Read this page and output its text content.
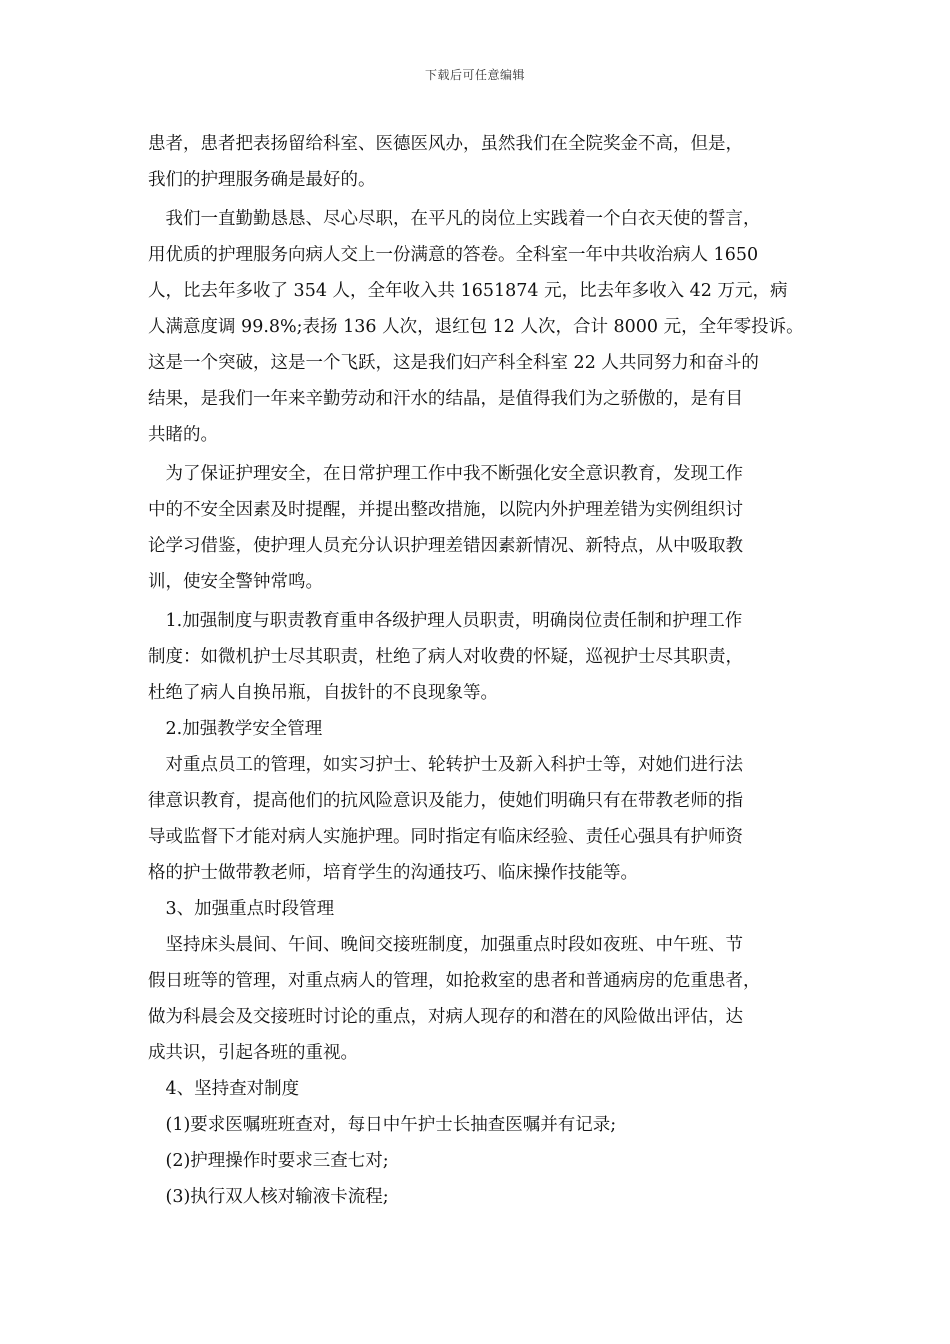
下载后可任意编辑
患者，患者把表扬留给科室、医德医风办，虽然我们在全院奖金不高，但是，
我们的护理服务确是最好的。
　我们一直勤勤恳恳、尽心尽职，在平凡的岗位上实践着一个白衣天使的誓言，
用优质的护理服务向病人交上一份满意的答卷。全科室一年中共收治病人 1650
人，比去年多收了 354 人，全年收入共 1651874 元，比去年多收入 42 万元，病
人满意度调 99.8%;表扬 136 人次，退红包 12 人次，合计 8000 元，全年零投诉。
这是一个突破，这是一个飞跃，这是我们妇产科全科室 22 人共同努力和奋斗的
结果，是我们一年来辛勤劳动和汗水的结晶，是值得我们为之骄傲的，是有目
共睹的。
　为了保证护理安全，在日常护理工作中我不断强化安全意识教育，发现工作
中的不安全因素及时提醒，并提出整改措施，以院内外护理差错为实例组织讨
论学习借鉴，使护理人员充分认识护理差错因素新情况、新特点，从中吸取教
训，使安全警钟常鸣。
　1.加强制度与职责教育重申各级护理人员职责，明确岗位责任制和护理工作
制度：如微机护士尽其职责，杜绝了病人对收费的怀疑，巡视护士尽其职责，
杜绝了病人自换吊瓶，自拔针的不良现象等。
　2.加强教学安全管理
　对重点员工的管理，如实习护士、轮转护士及新入科护士等，对她们进行法
律意识教育，提高他们的抗风险意识及能力，使她们明确只有在带教老师的指
导或监督下才能对病人实施护理。同时指定有临床经验、责任心强具有护师资
格的护士做带教老师，培育学生的沟通技巧、临床操作技能等。
　3、加强重点时段管理
　坚持床头晨间、午间、晚间交接班制度，加强重点时段如夜班、中午班、节
假日班等的管理，对重点病人的管理，如抢救室的患者和普通病房的危重患者，
做为科晨会及交接班时讨论的重点，对病人现存的和潜在的风险做出评估，达
成共识，引起各班的重视。
　4、坚持查对制度
　(1)要求医嘱班班查对，每日中午护士长抽查医嘱并有记录;
　(2)护理操作时要求三查七对;
　(3)执行双人核对输液卡流程;
